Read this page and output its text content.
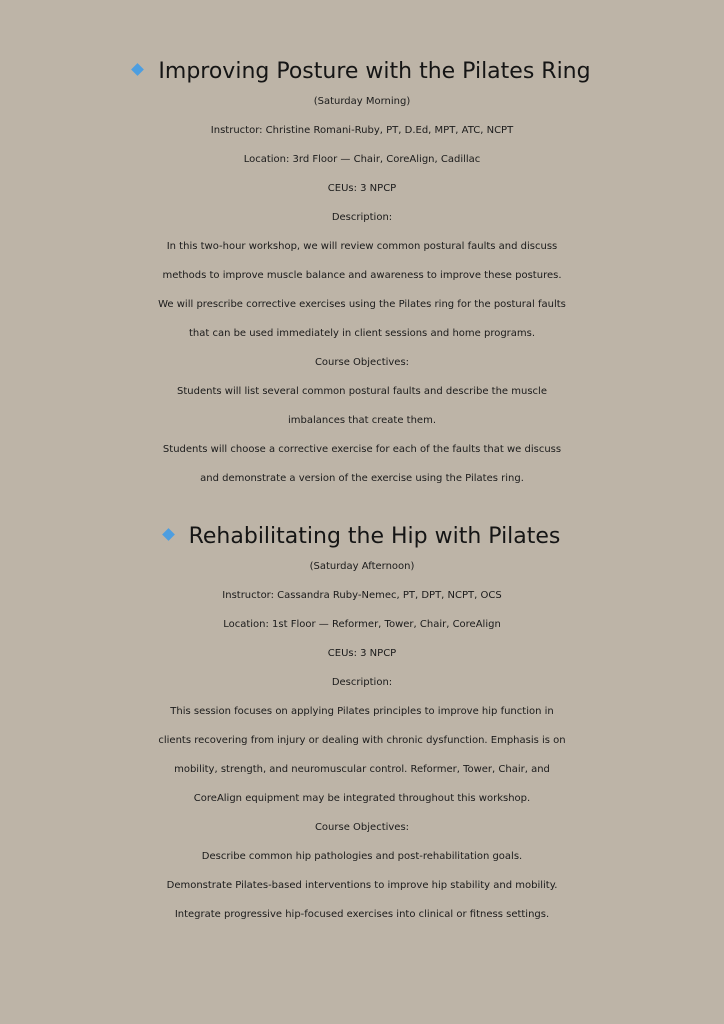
Improving Posture with the Pilates Ring

(Saturday Morning)

Instructor: Christine Romani-Ruby, PT, D.Ed, MPT, ATC, NCPT

Location: 3rd Floor — Chair, CoreAlign, Cadillac

CEUs: 3 NPCP

Description:

In this two-hour workshop, we will review common postural faults and discuss
methods to improve muscle balance and awareness to improve these postures.
We will prescribe corrective exercises using the Pilates ring for the postural faults
that can be used immediately in client sessions and home programs.

Course Objectives:

Students will list several common postural faults and describe the muscle
imbalances that create them.
Students will choose a corrective exercise for each of the faults that we discuss
and demonstrate a version of the exercise using the Pilates ring.

Rehabilitating the Hip with Pilates

(Saturday Afternoon)

Instructor: Cassandra Ruby-Nemec, PT, DPT, NCPT, OCS

Location: 1st Floor — Reformer, Tower, Chair, CoreAlign

CEUs: 3 NPCP

Description:

This session focuses on applying Pilates principles to improve hip function in
clients recovering from injury or dealing with chronic dysfunction. Emphasis is on
mobility, strength, and neuromuscular control. Reformer, Tower, Chair, and
CoreAlign equipment may be integrated throughout this workshop.

Course Objectives:

Describe common hip pathologies and post-rehabilitation goals.
Demonstrate Pilates-based interventions to improve hip stability and mobility.
Integrate progressive hip-focused exercises into clinical or fitness settings.
